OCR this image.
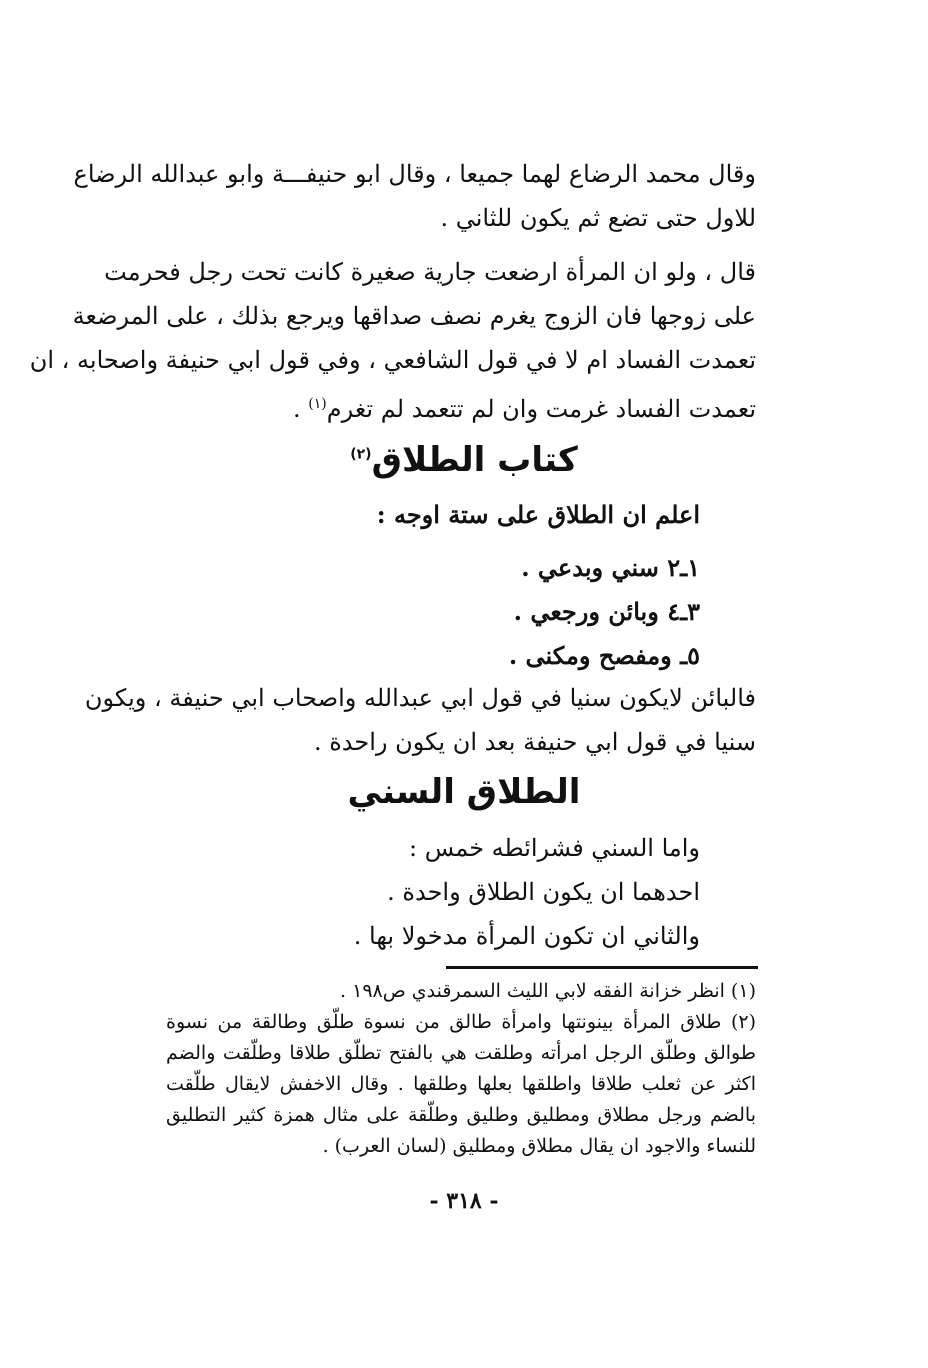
وقال محمد الرضاع لهما جميعا ، وقال ابو حنيفـــة وابو عبدالله الرضاع
للاول حتى تضع ثم يكون للثاني .
قال ، ولو ان المرأة ارضعت جارية صغيرة كانت تحت رجل فحرمت
على زوجها فان الزوج يغرم نصف صداقها ويرجع بذلك ، على المرضعة
تعمدت الفساد ام لا في قول الشافعي ، وفي قول ابي حنيفة واصحابه ، ان
تعمدت الفساد غرمت وان لم تتعمد لم تغرم$^{(١)}$ .
كتاب الطلاق$^{(٢)}$
اعلم ان الطلاق على ستة اوجه :
١ـ٢ سني وبدعي .
٣ـ٤ وبائن ورجعي .
٥ـ ومفصح ومكنى .
فالبائن لايكون سنيا في قول ابي عبدالله واصحاب ابي حنيفة ، ويكون
سنيا في قول ابي حنيفة بعد ان يكون راحدة .
الطلاق السني
واما السني فشرائطه خمس :
احدهما ان يكون الطلاق واحدة .
والثاني ان تكون المرأة مدخولا بها .
(١) انظر خزانة الفقه لابي الليث السمرقندي ص١٩٨ .
(٢) طلاق المرأة بينونتها وامرأة طالق من نسوة طلّق وطالقة من نسوة طوالق وطلّق الرجل امرأته وطلقت هي بالفتح تطلّق طلاقا وطلّقت والضم اكثر عن ثعلب طلاقا واطلقها بعلها وطلقها . وقال الاخفش لايقال طلّقت بالضم ورجل مطلاق ومطليق وطليق وطلّقة على مثال همزة كثير التطليق للنساء والاجود ان يقال مطلاق ومطليق (لسان العرب) .
- ٣١٨ -
